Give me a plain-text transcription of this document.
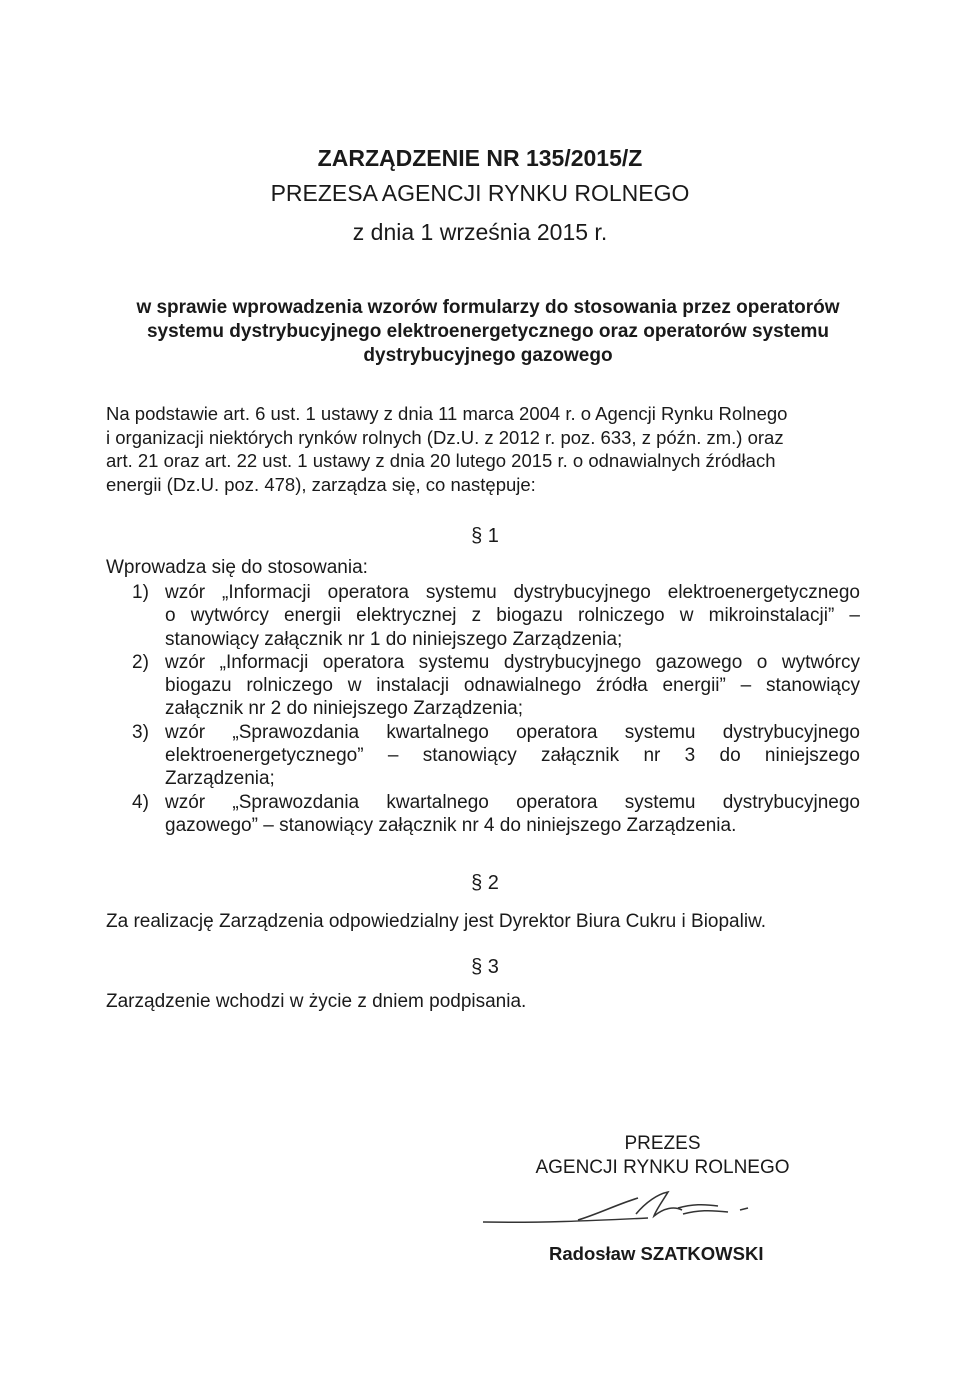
ZARZĄDZENIE NR 135/2015/Z
PREZESA AGENCJI RYNKU ROLNEGO
z dnia 1 września 2015 r.
w sprawie wprowadzenia wzorów formularzy do stosowania przez operatorów
systemu dystrybucyjnego elektroenergetycznego oraz operatorów systemu
dystrybucyjnego gazowego
Na podstawie art. 6 ust. 1 ustawy z dnia 11 marca 2004 r. o Agencji Rynku Rolnego
i organizacji niektórych rynków rolnych (Dz.U. z 2012 r. poz. 633, z późn. zm.) oraz
art. 21 oraz art. 22 ust. 1 ustawy z dnia 20 lutego 2015 r. o odnawialnych źródłach
energii (Dz.U. poz. 478), zarządza się, co następuje:
§ 1
Wprowadza się do stosowania:
1) wzór „Informacji operatora systemu dystrybucyjnego elektroenergetycznego
o wytwórcy energii elektrycznej z biogazu rolniczego w mikroinstalacji” –
stanowiący załącznik nr 1 do niniejszego Zarządzenia;
2) wzór „Informacji operatora systemu dystrybucyjnego gazowego o wytwórcy
biogazu rolniczego w instalacji odnawialnego źródła energii” – stanowiący
załącznik nr 2 do niniejszego Zarządzenia;
3) wzór „Sprawozdania kwartalnego operatora systemu dystrybucyjnego
elektroenergetycznego” – stanowiący załącznik nr 3 do niniejszego
Zarządzenia;
4) wzór „Sprawozdania kwartalnego operatora systemu dystrybucyjnego
gazowego” – stanowiący załącznik nr 4 do niniejszego Zarządzenia.
§ 2
Za realizację Zarządzenia odpowiedzialny jest Dyrektor Biura Cukru i Biopaliw.
§ 3
Zarządzenie wchodzi w życie z dniem podpisania.
PREZES
AGENCJI RYNKU ROLNEGO
Radosław SZATKOWSKI
